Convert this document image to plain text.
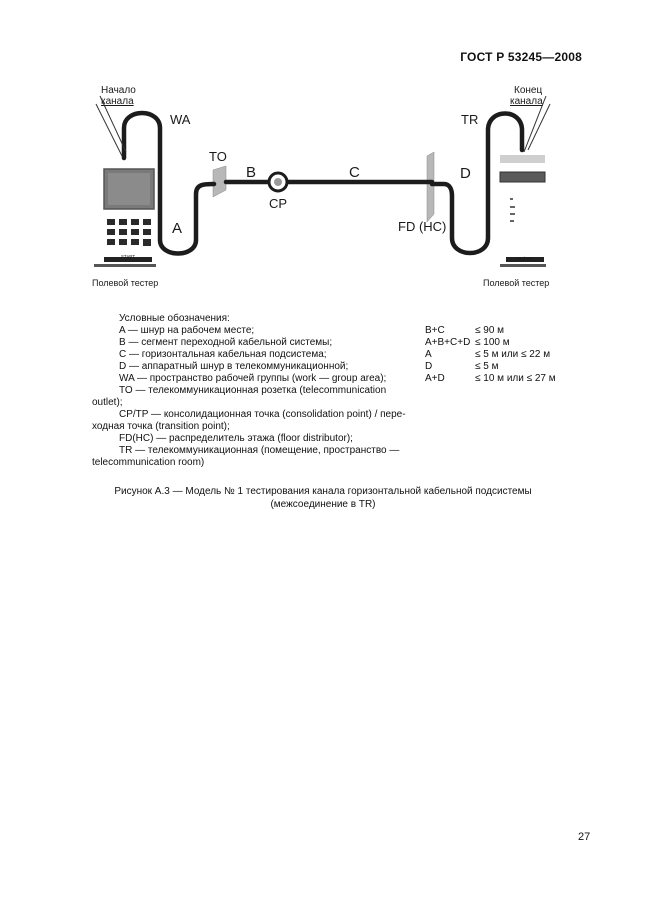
ГОСТ Р 53245—2008
START	ON/OFF
Начало
канала
Конец
канала
WA	TR
TO
B	C	D
A
CP
FD (HC)
Полевой тестер	Полевой тестер
Условные обозначения:
A — шнур на рабочем месте;
B — сегмент переходной кабельной системы;
C — горизонтальная кабельная подсистема;
D — аппаратный шнур в телекоммуникационной;
WA — пространство рабочей группы (work — group area);
TO — телекоммуникационная розетка (telecommunication
outlet);
CP/TP — консолидационная точка (consolidation point) / пере-
ходная точка (transition point);
FD(HC) — распределитель этажа (floor distributor);
TR — телекоммуникационная (помещение, пространство —
telecommunication room)
B+C	≤ 90 м
A+B+C+D ≤ 100 м
A	≤ 5 м или ≤ 22 м
D	≤ 5 м
A+D	≤ 10 м или ≤ 27 м
Рисунок А.3 — Модель № 1 тестирования канала горизонтальной кабельной подсистемы
(межсоединение в TR)
27
